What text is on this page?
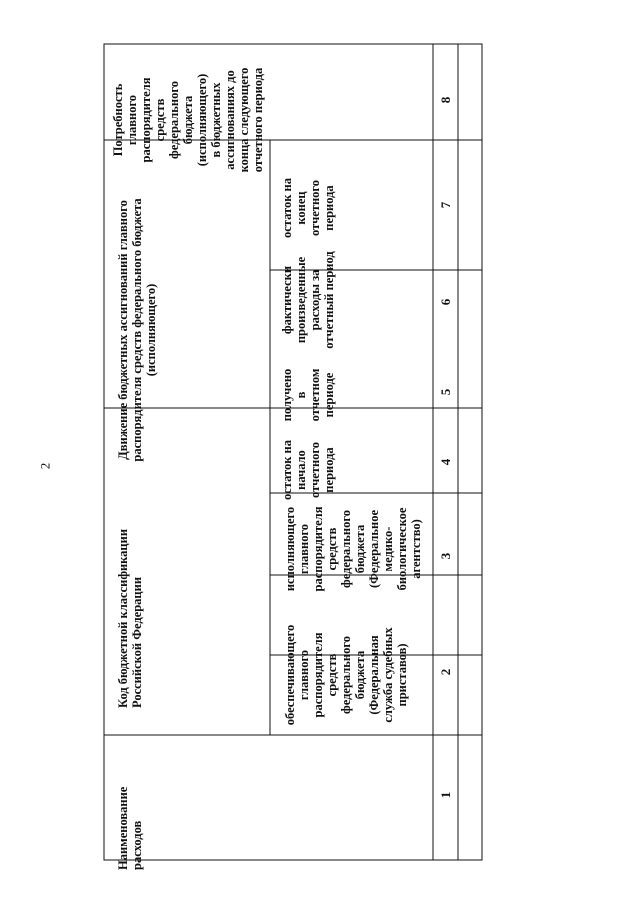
2
Наименование расходов
Код бюджетной классификации Российской Федерации	обеспечивающего главного распорядителя средств федерального бюджета (Федеральная служба судебных приставов)
исполняющего главного распорядителя средств федерального бюджета (Федеральное медико- биологическое агентство)
Движение бюджетных ассигнований главного распорядителя средств федерального бюджета (исполняющего)
остаток на начало отчетного периода
получено в отчетном периоде
фактически произведенные расходы за отчетный период
остаток на конец отчетного периода
Потребность главного распорядителя средств федерального бюджета (исполняющего) в бюджетных ассигнованиях до конца следующего отчетного периода
1
2
3
4
5
6
7
8
